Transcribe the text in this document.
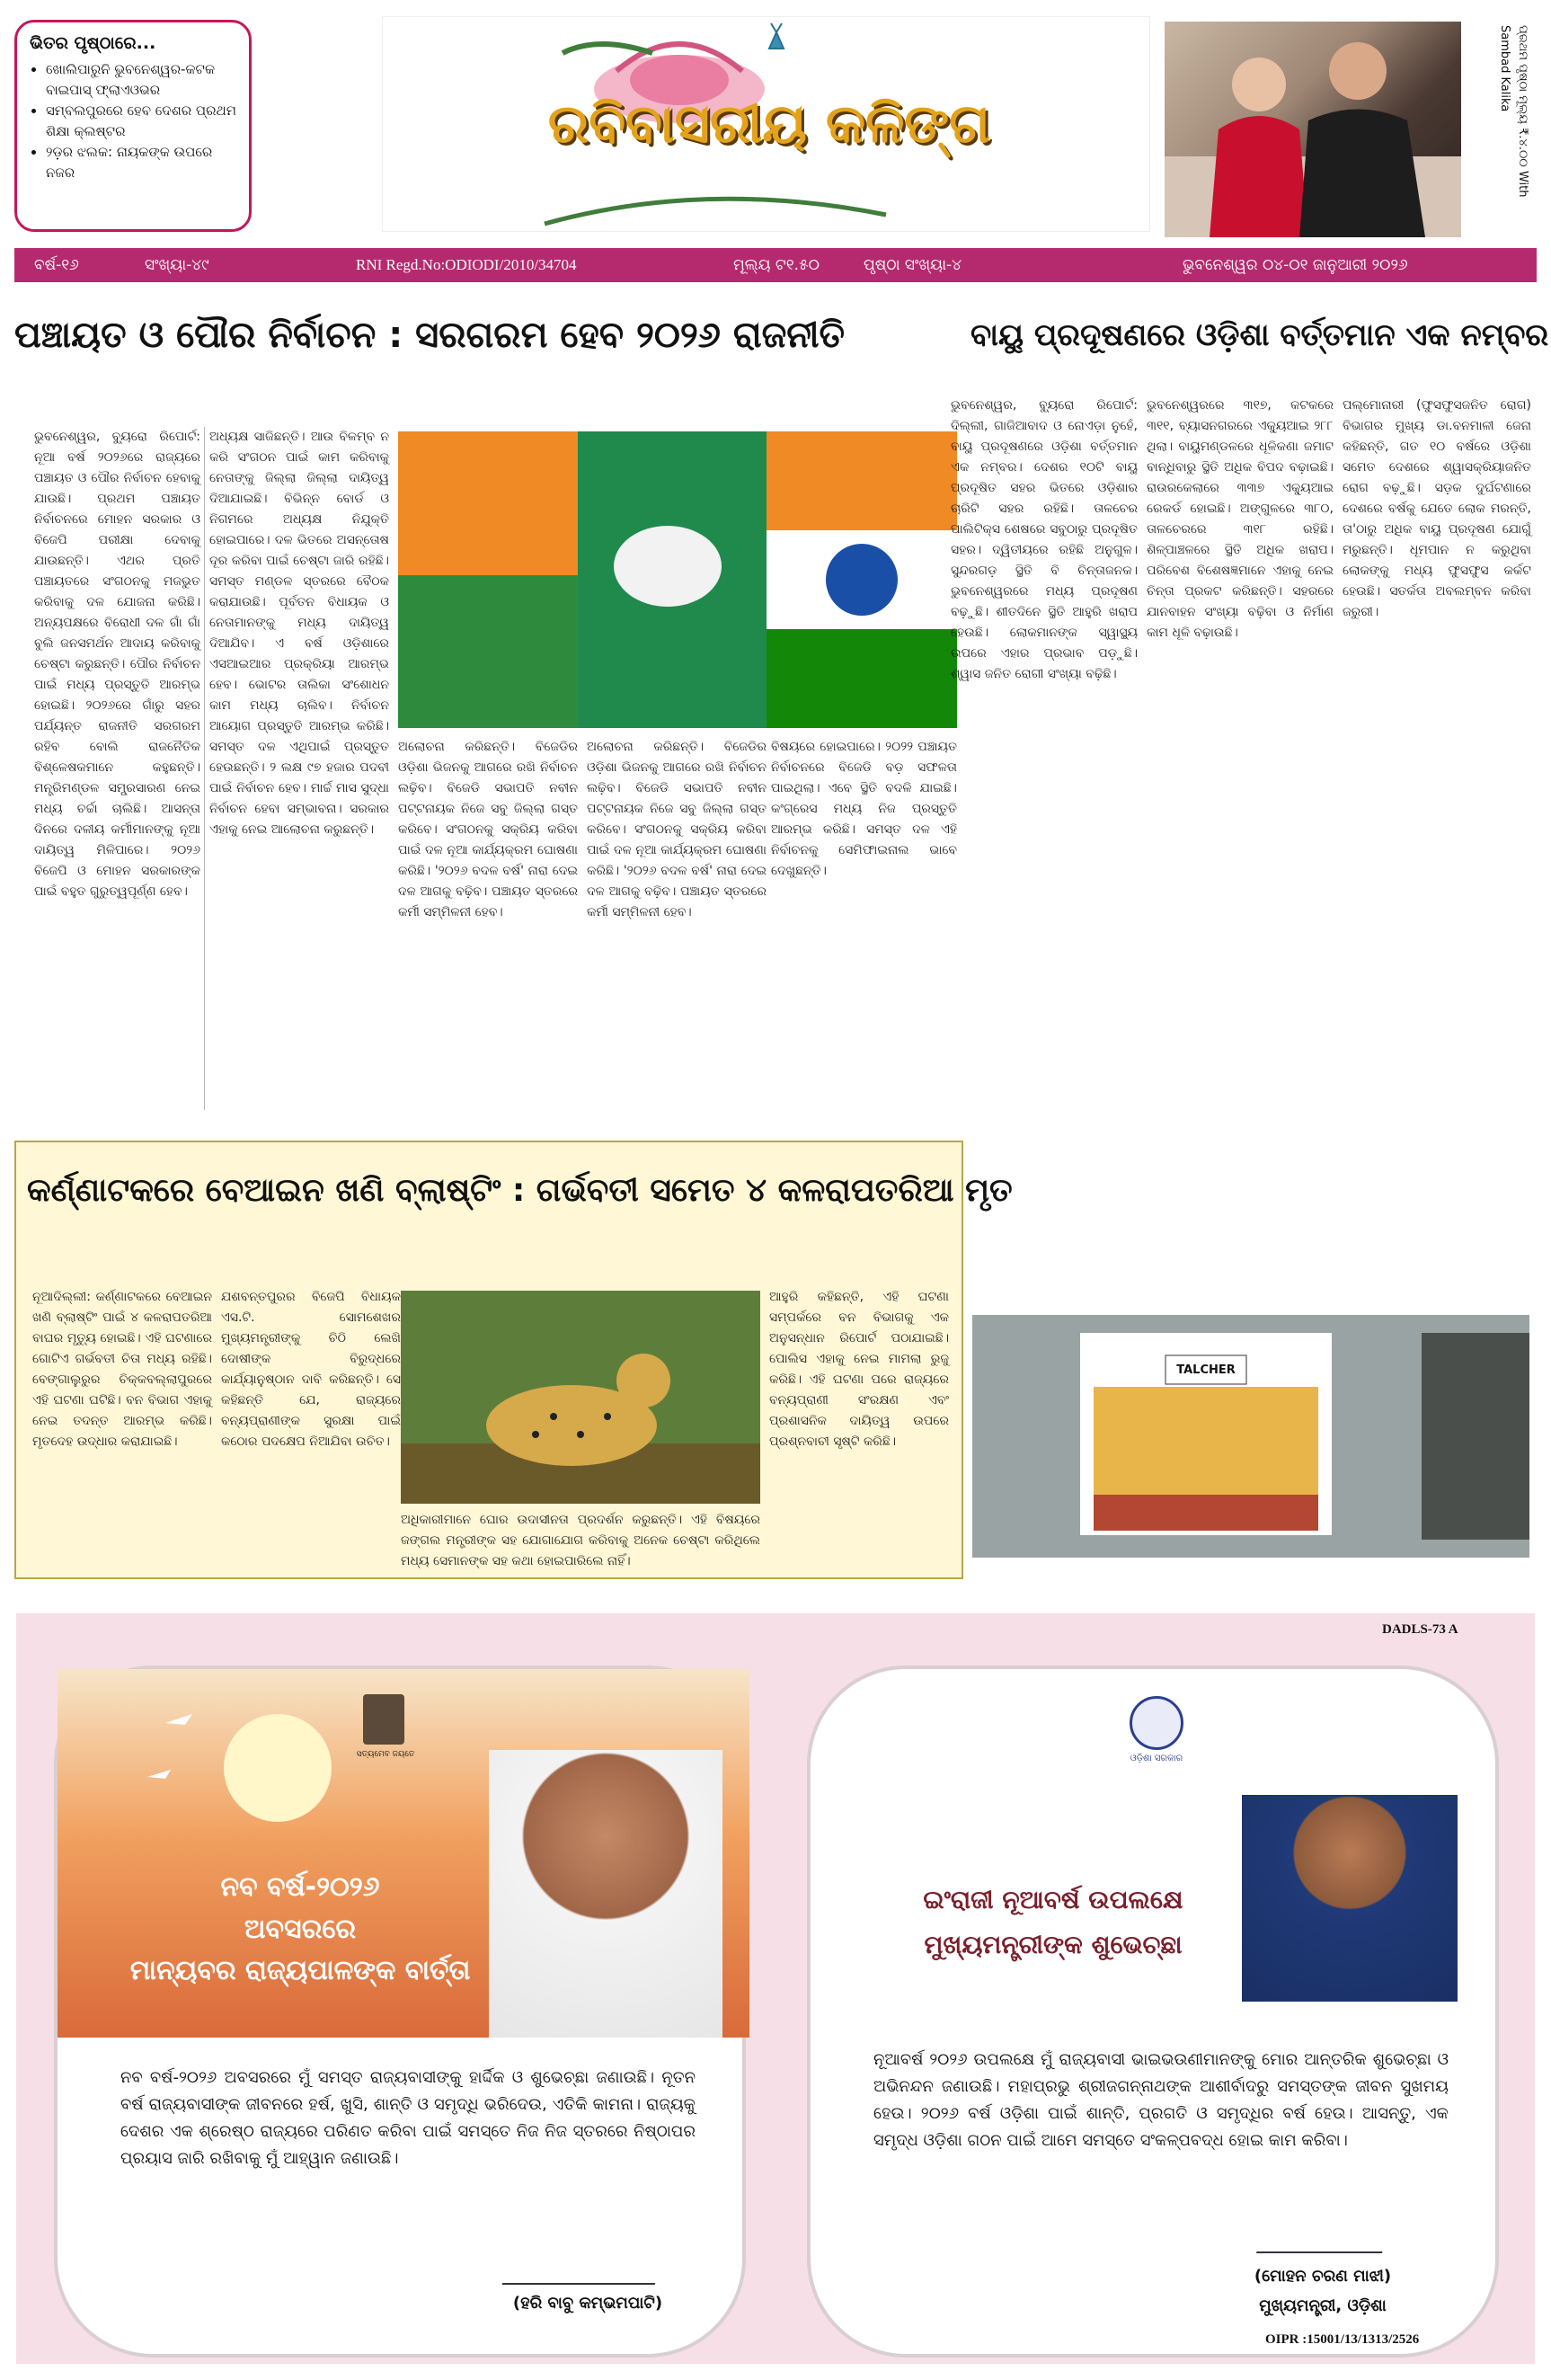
ଭିତର ପୃଷ୍ଠାରେ...
• ଖୋଲିପାରୁନି ଭୁବନେଶ୍ୱର-କଟକ ବାଇପାସ୍ ଫ୍ଲାଏଓଭର
• ସମ୍ବଲପୁରରେ ହେବ ଦେଶର ପ୍ରଥମ ଶିକ୍ଷା କ୍ଲଷ୍ଟର
• ୨ଡ଼ର ଝଲକ: ନାୟକଙ୍କ ଉପରେ ନଜର
ରବିବାସରୀୟ କଳିଙ୍ଗ	ପ୍ରଥମ ପୃଷ୍ଠା ମୂଲ୍ୟ ₹.୪.୦୦ With Sambad Kalika
ବର୍ଷ-୧୬	ସଂଖ୍ୟା-୪୯	RNI Regd.No:ODIODI/2010/34704	ମୂଲ୍ୟ ଟ୧.୫୦	ପୃଷ୍ଠା ସଂଖ୍ୟା-୪	ଭୁବନେଶ୍ୱର ୦୪-୦୧ ଜାନୁଆରୀ ୨୦୨୬
ପଞ୍ଚାୟତ ଓ ପୌର ନିର୍ବାଚନ : ସରଗରମ ହେବ ୨୦୨୬ ରାଜନୀତି
ଭୁବନେଶ୍ୱର, ବ୍ୟୁରୋ ରିପୋର୍ଟ: ନୂଆ ବର୍ଷ ୨୦୨୬ରେ ରାଜ୍ୟରେ ପଞ୍ଚାୟତ ଓ ପୌର ନିର୍ବାଚନ ହେବାକୁ ଯାଉଛି। ପ୍ରଥମ ପଞ୍ଚାୟତ ନିର୍ବାଚନରେ ମୋହନ ସରକାର ଓ ବିଜେପି ପରୀକ୍ଷା ଦେବାକୁ ଯାଉଛନ୍ତି। ଏଥର ପ୍ରତି ପଞ୍ଚାୟତରେ ସଂଗଠନକୁ ମଜଭୁତ କରିବାକୁ ଦଳ ଯୋଜନା କରିଛି। ଅନ୍ୟପକ୍ଷରେ ବିରୋଧୀ ଦଳ ଗାଁ ଗାଁ ବୁଲି ଜନସମର୍ଥନ ଆଦାୟ କରିବାକୁ ଚେଷ୍ଟା କରୁଛନ୍ତି। ପୌର ନିର୍ବାଚନ ପାଇଁ ମଧ୍ୟ ପ୍ରସ୍ତୁତି ଆରମ୍ଭ ହୋଇଛି। ୨୦୨୬ରେ ଗାଁରୁ ସହର ପର୍ଯ୍ୟନ୍ତ ରାଜନୀତି ସରଗରମ ରହିବ ବୋଲି ରାଜନୈତିକ ବିଶ୍ଳେଷକମାନେ କହୁଛନ୍ତି। ମନ୍ତ୍ରିମଣ୍ଡଳ ସମ୍ପ୍ରସାରଣ ନେଇ ମଧ୍ୟ ଚର୍ଚ୍ଚା ଚାଲିଛି। ଆସନ୍ତା ଦିନରେ ଦଳୀୟ କର୍ମୀମାନଙ୍କୁ ନୂଆ ଦାୟିତ୍ୱ ମିଳିପାରେ। ୨୦୨୬ ବିଜେପି ଓ ମୋହନ ସରକାରଙ୍କ ପାଇଁ ବହୁତ ଗୁରୁତ୍ୱପୂର୍ଣ୍ଣ ହେବ।
ଅଧ୍ୟକ୍ଷ ସାଜିଛନ୍ତି। ଆଉ ବିଳମ୍ବ ନ କରି ସଂଗଠନ ପାଇଁ କାମ କରିବାକୁ ନେତାଙ୍କୁ ଜିଲ୍ଲା ଜିଲ୍ଲା ଦାୟିତ୍ୱ ଦିଆଯାଇଛି। ବିଭିନ୍ନ ବୋର୍ଡ ଓ ନିଗମରେ ଅଧ୍ୟକ୍ଷ ନିଯୁକ୍ତି ହୋଇପାରେ। ଦଳ ଭିତରେ ଅସନ୍ତୋଷ ଦୂର କରିବା ପାଇଁ ଚେଷ୍ଟା ଜାରି ରହିଛି। ସମସ୍ତ ମଣ୍ଡଳ ସ୍ତରରେ ବୈଠକ କରାଯାଉଛି। ପୂର୍ବତନ ବିଧାୟକ ଓ ନେତାମାନଙ୍କୁ ମଧ୍ୟ ଦାୟିତ୍ୱ ଦିଆଯିବ। ଏ ବର୍ଷ ଓଡ଼ିଶାରେ ଏସଆଇଆର ପ୍ରକ୍ରିୟା ଆରମ୍ଭ ହେବ। ଭୋଟର ତାଲିକା ସଂଶୋଧନ କାମ ମଧ୍ୟ ଚାଲିବ। ନିର୍ବାଚନ ଆୟୋଗ ପ୍ରସ୍ତୁତି ଆରମ୍ଭ କରିଛି। ସମସ୍ତ ଦଳ ଏଥିପାଇଁ ପ୍ରସ୍ତୁତ ହେଉଛନ୍ତି। ୨ ଲକ୍ଷ ୯୭ ହଜାର ପଦବୀ ପାଇଁ ନିର୍ବାଚନ ହେବ। ମାର୍ଚ୍ଚ ମାସ ସୁଦ୍ଧା ନିର୍ବାଚନ ହେବା ସମ୍ଭାବନା। ସରକାର ଏହାକୁ ନେଇ ଆଲୋଚନା କରୁଛନ୍ତି।
ଅଲୋଚନା କରିଛନ୍ତି। ବିଜେଡିର ଓଡ଼ିଶା ଭିଜନକୁ ଆଗରେ ରଖି ନିର୍ବାଚନ ଲଢ଼ିବ। ବିଜେଡି ସଭାପତି ନବୀନ ପଟ୍ଟନାୟକ ନିଜେ ସବୁ ଜିଲ୍ଲା ଗସ୍ତ କରିବେ। ସଂଗଠନକୁ ସକ୍ରିୟ କରିବା ପାଇଁ ଦଳ ନୂଆ କାର୍ଯ୍ୟକ୍ରମ ଘୋଷଣା କରିଛି। '୨୦୨୬ ବଦଳ ବର୍ଷ' ନାରା ଦେଇ ଦଳ ଆଗକୁ ବଢ଼ିବ। ପଞ୍ଚାୟତ ସ୍ତରରେ କର୍ମୀ ସମ୍ମିଳନୀ ହେବ।
ଅଲୋଚନା କରିଛନ୍ତି। ବିଜେଡିର ଓଡ଼ିଶା ଭିଜନକୁ ଆଗରେ ରଖି ନିର୍ବାଚନ ଲଢ଼ିବ। ବିଜେଡି ସଭାପତି ନବୀନ ପଟ୍ଟନାୟକ ନିଜେ ସବୁ ଜିଲ୍ଲା ଗସ୍ତ କରିବେ। ସଂଗଠନକୁ ସକ୍ରିୟ କରିବା ପାଇଁ ଦଳ ନୂଆ କାର୍ଯ୍ୟକ୍ରମ ଘୋଷଣା କରିଛି। '୨୦୨୬ ବଦଳ ବର୍ଷ' ନାରା ଦେଇ ଦଳ ଆଗକୁ ବଢ଼ିବ। ପଞ୍ଚାୟତ ସ୍ତରରେ କର୍ମୀ ସମ୍ମିଳନୀ ହେବ।
ବିଷୟରେ ହୋଇପାରେ। ୨୦୨୨ ପଞ୍ଚାୟତ ନିର୍ବାଚନରେ ବିଜେଡି ବଡ଼ ସଫଳତା ପାଇଥିଲା। ଏବେ ସ୍ଥିତି ବଦଳି ଯାଇଛି। କଂଗ୍ରେସ ମଧ୍ୟ ନିଜ ପ୍ରସ୍ତୁତି ଆରମ୍ଭ କରିଛି। ସମସ୍ତ ଦଳ ଏହି ନିର୍ବାଚନକୁ ସେମିଫାଇନାଲ ଭାବେ ଦେଖୁଛନ୍ତି।
ବାୟୁ ପ୍ରଦୂଷଣରେ ଓଡ଼ିଶା ବର୍ତ୍ତମାନ ଏକ ନମ୍ବର
ଭୁବନେଶ୍ୱର, ବ୍ୟୁରୋ ରିପୋର୍ଟ: ଦିଲ୍ଲୀ, ଗାଜିଆବାଦ ଓ ନୋଏଡ଼ା ନୁହେଁ, ବାୟୁ ପ୍ରଦୂଷଣରେ ଓଡ଼ିଶା ବର୍ତ୍ତମାନ ଏକ ନମ୍ବର। ଦେଶର ୧୦ଟି ବାୟୁ ପ୍ରଦୂଷିତ ସହର ଭିତରେ ଓଡ଼ିଶାର ଚାରିଟି ସହର ରହିଛି। ତାଳଚେର ପାଲିଟିକ୍ସ ଶେଷରେ ସବୁଠାରୁ ପ୍ରଦୂଷିତ ସହର। ଦ୍ୱିତୀୟରେ ରହିଛି ଅନୁଗୁଳ। ସୁନ୍ଦରଗଡ଼ ସ୍ଥିତି ବି ଚିନ୍ତାଜନକ। ଭୁବନେଶ୍ୱରରେ ମଧ୍ୟ ପ୍ରଦୂଷଣ ବଢ଼ୁଛି। ଶୀତଦିନେ ସ୍ଥିତି ଆହୁରି ଖରାପ ହେଉଛି। ଲୋକମାନଙ୍କ ସ୍ୱାସ୍ଥ୍ୟ ଉପରେ ଏହାର ପ୍ରଭାବ ପଡ଼ୁଛି। ଶ୍ୱାସ ଜନିତ ରୋଗୀ ସଂଖ୍ୟା ବଢ଼ିଛି।
ଭୁବନେଶ୍ୱରରେ ୩୧୭, କଟକରେ ୩୧୧, ବ୍ୟାସନଗରରେ ଏକ୍ୟୁଆଇ ୨୮୮ ଥିଲା। ବାୟୁମଣ୍ଡଳରେ ଧୂଳିକଣା ଜମାଟ ବାନ୍ଧିବାରୁ ସ୍ଥିତି ଅଧିକ ବିପଦ ବଢ଼ାଇଛି। ରାଉରକେଲାରେ ୩୩୭ ଏକ୍ୟୁଆଇ ରେକର୍ଡ ହୋଇଛି। ଅଙ୍ଗୁଳରେ ୩୮୦, ତାଳଚେରରେ ୩୧୮ ରହିଛି। ଶିଳ୍ପାଞ୍ଚଳରେ ସ୍ଥିତି ଅଧିକ ଖରାପ। ପରିବେଶ ବିଶେଷଜ୍ଞମାନେ ଏହାକୁ ନେଇ ଚିନ୍ତା ପ୍ରକଟ କରିଛନ୍ତି। ସହରରେ ଯାନବାହନ ସଂଖ୍ୟା ବଢ଼ିବା ଓ ନିର୍ମାଣ କାମ ଧୂଳି ବଢ଼ାଉଛି।
ପଲ୍ମୋନାରୀ (ଫୁସଫୁସଜନିତ ରୋଗ) ବିଭାଗର ମୁଖ୍ୟ ଡା.ବନମାଳୀ ଜେନା କହିଛନ୍ତି, ଗତ ୧୦ ବର୍ଷରେ ଓଡ଼ିଶା ସମେତ ଦେଶରେ ଶ୍ୱାସକ୍ରିୟାଜନିତ ରୋଗ ବଢ଼ୁଛି। ସଡ଼କ ଦୁର୍ଘଟଣାରେ ଦେଶରେ ବର୍ଷକୁ ଯେତେ ଲୋକ ମରନ୍ତି, ତା'ଠାରୁ ଅଧିକ ବାୟୁ ପ୍ରଦୂଷଣ ଯୋଗୁଁ ମରୁଛନ୍ତି। ଧୂମପାନ ନ କରୁଥିବା ଲୋକଙ୍କୁ ମଧ୍ୟ ଫୁସଫୁସ କର୍କଟ ହେଉଛି। ସତର୍କତା ଅବଲମ୍ବନ କରିବା ଜରୁରୀ।
କର୍ଣ୍ଣାଟକରେ ବେଆଇନ ଖଣି ବ୍ଲାଷ୍ଟିଂ : ଗର୍ଭବତୀ ସମେତ ୪ କଳରାପତରିଆ ମୃତ
ନୂଆଦିଲ୍ଲୀ: କର୍ଣ୍ଣାଟକରେ ବେଆଇନ ଖଣି ବ୍ଲାଷ୍ଟିଂ ପାଇଁ ୪ କଳରାପତରିଆ ବାଘର ମୃତ୍ୟୁ ହୋଇଛି। ଏହି ଘଟଣାରେ ଗୋଟିଏ ଗର୍ଭବତୀ ଚିତା ମଧ୍ୟ ରହିଛି। ବେଙ୍ଗାଲୁରୁର ଚିକ୍କବଲ୍ଲାପୁରରେ ଏହି ଘଟଣା ଘଟିଛି। ବନ ବିଭାଗ ଏହାକୁ ନେଇ ତଦନ୍ତ ଆରମ୍ଭ କରିଛି। ମୃତଦେହ ଉଦ୍ଧାର କରାଯାଇଛି।
ଯଶବନ୍ତପୁରର ବିଜେପି ବିଧାୟକ ଏସ.ଟି. ସୋମଶେଖର ମୁଖ୍ୟମନ୍ତ୍ରୀଙ୍କୁ ଚିଠି ଲେଖି ଦୋଷୀଙ୍କ ବିରୁଦ୍ଧରେ କାର୍ଯ୍ୟାନୁଷ୍ଠାନ ଦାବି କରିଛନ୍ତି। ସେ କହିଛନ୍ତି ଯେ, ରାଜ୍ୟରେ ବନ୍ୟପ୍ରାଣୀଙ୍କ ସୁରକ୍ଷା ପାଇଁ କଠୋର ପଦକ୍ଷେପ ନିଆଯିବା ଉଚିତ।
ଅଧିକାରୀମାନେ ଘୋର ଉଦାସୀନତା ପ୍ରଦର୍ଶନ କରୁଛନ୍ତି। ଏହି ବିଷୟରେ ଜଙ୍ଗଲ ମନ୍ତ୍ରୀଙ୍କ ସହ ଯୋଗାଯୋଗ କରିବାକୁ ଅନେକ ଚେଷ୍ଟା କରିଥିଲେ ମଧ୍ୟ ସେମାନଙ୍କ ସହ କଥା ହୋଇପାରିଲେ ନାହିଁ।
ଆହୁରି କହିଛନ୍ତି, ଏହି ଘଟଣା ସମ୍ପର୍କରେ ବନ ବିଭାଗକୁ ଏକ ଅନୁସନ୍ଧାନ ରିପୋର୍ଟ ପଠାଯାଇଛି। ପୋଲିସ ଏହାକୁ ନେଇ ମାମଲା ରୁଜୁ କରିଛି। ଏହି ଘଟଣା ପରେ ରାଜ୍ୟରେ ବନ୍ୟପ୍ରାଣୀ ସଂରକ୍ଷଣ ଏବଂ ପ୍ରଶାସନିକ ଦାୟିତ୍ୱ ଉପରେ ପ୍ରଶ୍ନବାଚୀ ସୃଷ୍ଟି କରିଛି।
TALCHER
DADLS-73 A
ସତ୍ୟମେବ ଜୟତେ
ନବ ବର୍ଷ-୨୦୨୬
ଅବସରରେ
ମାନ୍ୟବର ରାଜ୍ୟପାଳଙ୍କ ବାର୍ତ୍ତା
ନବ ବର୍ଷ-୨୦୨୬ ଅବସରରେ ମୁଁ ସମସ୍ତ ରାଜ୍ୟବାସୀଙ୍କୁ ହାର୍ଦ୍ଦିକ ଓ ଶୁଭେଚ୍ଛା ଜଣାଉଛି। ନୂତନ ବର୍ଷ ରାଜ୍ୟବାସୀଙ୍କ ଜୀବନରେ ହର୍ଷ, ଖୁସି, ଶାନ୍ତି ଓ ସମୃଦ୍ଧି ଭରିଦେଉ, ଏତିକି କାମନା। ରାଜ୍ୟକୁ ଦେଶର ଏକ ଶ୍ରେଷ୍ଠ ରାଜ୍ୟରେ ପରିଣତ କରିବା ପାଇଁ ସମସ୍ତେ ନିଜ ନିଜ ସ୍ତରରେ ନିଷ୍ଠାପର ପ୍ରୟାସ ଜାରି ରଖିବାକୁ ମୁଁ ଆହ୍ୱାନ ଜଣାଉଛି।
(ହରି ବାବୁ କମ୍ଭମପାଟି)
ଓଡ଼ିଶା ସରକାର
ଇଂରାଜୀ ନୂଆବର୍ଷ ଉପଲକ୍ଷେ
ମୁଖ୍ୟମନ୍ତ୍ରୀଙ୍କ ଶୁଭେଚ୍ଛା
ନୂଆବର୍ଷ ୨୦୨୬ ଉପଲକ୍ଷେ ମୁଁ ରାଜ୍ୟବାସୀ ଭାଇଭଉଣୀମାନଙ୍କୁ ମୋର ଆନ୍ତରିକ ଶୁଭେଚ୍ଛା ଓ ଅଭିନନ୍ଦନ ଜଣାଉଛି। ମହାପ୍ରଭୁ ଶ୍ରୀଜଗନ୍ନାଥଙ୍କ ଆଶୀର୍ବାଦରୁ ସମସ୍ତଙ୍କ ଜୀବନ ସୁଖମୟ ହେଉ। ୨୦୨୬ ବର୍ଷ ଓଡ଼ିଶା ପାଇଁ ଶାନ୍ତି, ପ୍ରଗତି ଓ ସମୃଦ୍ଧିର ବର୍ଷ ହେଉ। ଆସନ୍ତୁ, ଏକ ସମୃଦ୍ଧ ଓଡ଼ିଶା ଗଠନ ପାଇଁ ଆମେ ସମସ୍ତେ ସଂକଳ୍ପବଦ୍ଧ ହୋଇ କାମ କରିବା।
(ମୋହନ ଚରଣ ମାଝୀ)
ମୁଖ୍ୟମନ୍ତ୍ରୀ, ଓଡ଼ିଶା
OIPR :15001/13/1313/2526
